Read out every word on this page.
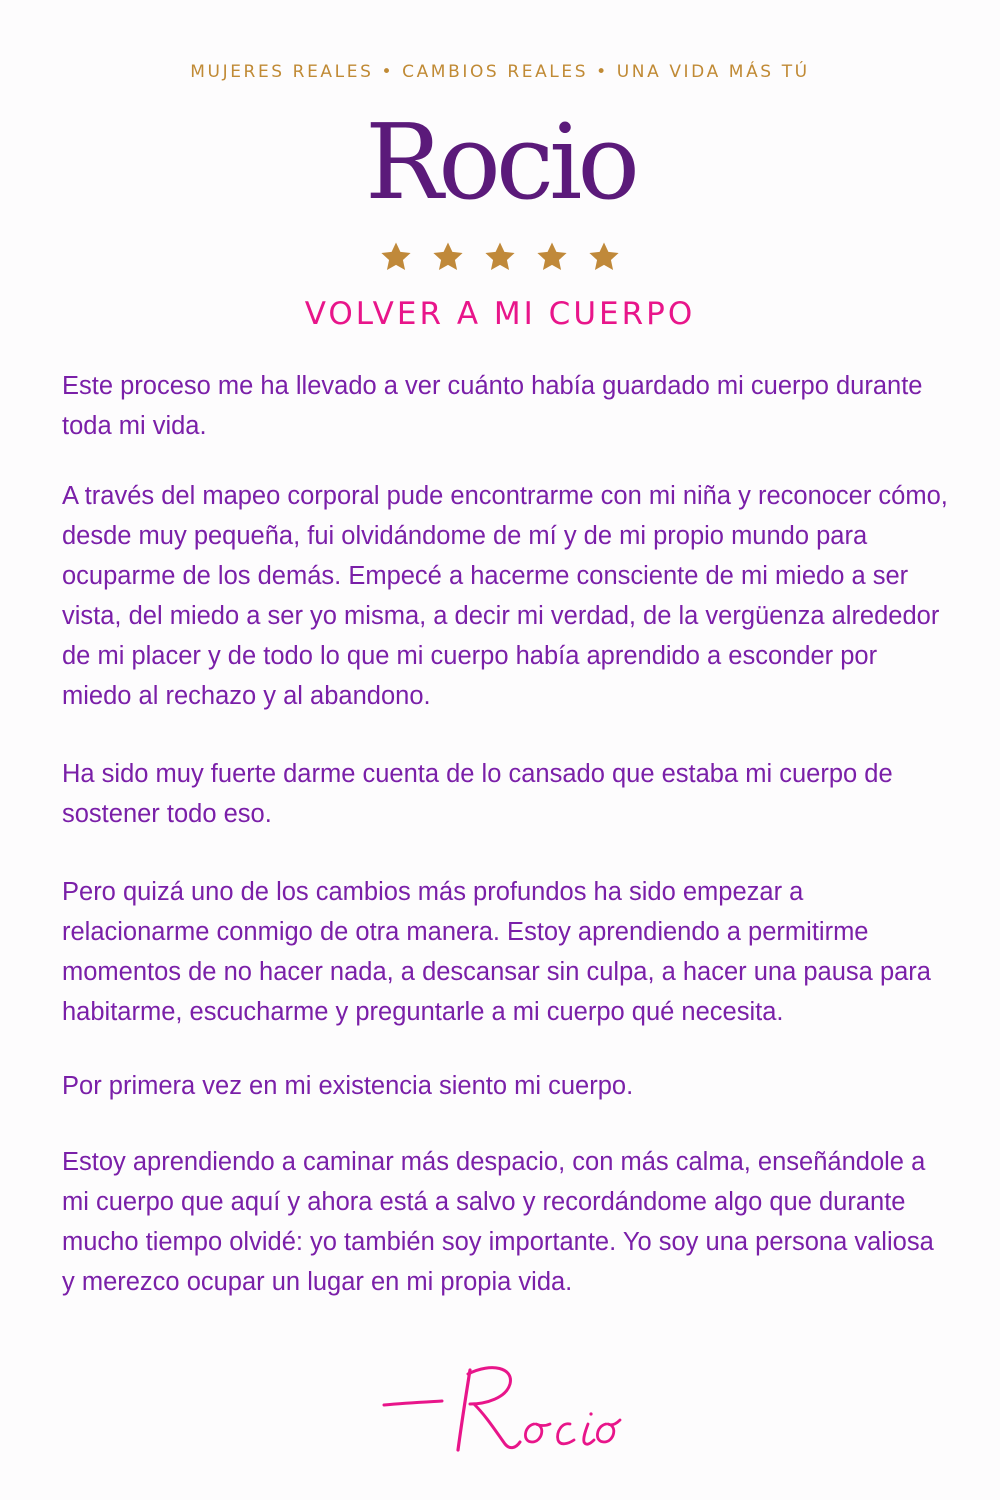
MUJERES REALES • CAMBIOS REALES • UNA VIDA MÁS TÚ
Rocio
VOLVER A MI CUERPO

Este proceso me ha llevado a ver cuánto había guardado mi cuerpo durante toda mi vida.

A través del mapeo corporal pude encontrarme con mi niña y reconocer cómo, desde muy pequeña, fui olvidándome de mí y de mi propio mundo para ocuparme de los demás. Empecé a hacerme consciente de mi miedo a ser vista, del miedo a ser yo misma, a decir mi verdad, de la vergüenza alrededor de mi placer y de todo lo que mi cuerpo había aprendido a esconder por miedo al rechazo y al abandono.

Ha sido muy fuerte darme cuenta de lo cansado que estaba mi cuerpo de sostener todo eso.

Pero quizá uno de los cambios más profundos ha sido empezar a relacionarme conmigo de otra manera. Estoy aprendiendo a permitirme momentos de no hacer nada, a descansar sin culpa, a hacer una pausa para habitarme, escucharme y preguntarle a mi cuerpo qué necesita.

Por primera vez en mi existencia siento mi cuerpo.

Estoy aprendiendo a caminar más despacio, con más calma, enseñándole a mi cuerpo que aquí y ahora está a salvo y recordándome algo que durante mucho tiempo olvidé: yo también soy importante. Yo soy una persona valiosa y merezco ocupar un lugar en mi propia vida.
